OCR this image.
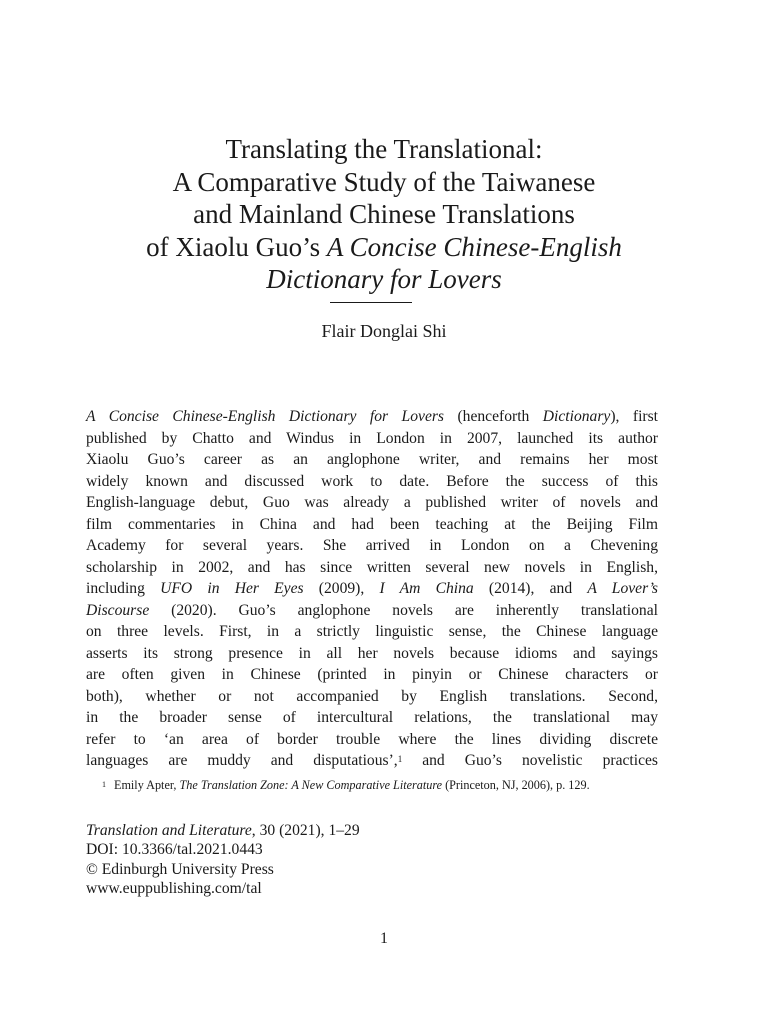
Translating the Translational:
A Comparative Study of the Taiwanese
and Mainland Chinese Translations
of Xiaolu Guo’s A Concise Chinese-English
Dictionary for Lovers
Flair Donglai Shi
A Concise Chinese-English Dictionary for Lovers (henceforth Dictionary), first
published by Chatto and Windus in London in 2007, launched its author
Xiaolu Guo’s career as an anglophone writer, and remains her most
widely known and discussed work to date. Before the success of this
English-language debut, Guo was already a published writer of novels and
film commentaries in China and had been teaching at the Beijing Film
Academy for several years. She arrived in London on a Chevening
scholarship in 2002, and has since written several new novels in English,
including UFO in Her Eyes (2009), I Am China (2014), and A Lover’s
Discourse (2020). Guo’s anglophone novels are inherently translational
on three levels. First, in a strictly linguistic sense, the Chinese language
asserts its strong presence in all her novels because idioms and sayings
are often given in Chinese (printed in pinyin or Chinese characters or
both), whether or not accompanied by English translations. Second,
in the broader sense of intercultural relations, the translational may
refer to ‘an area of border trouble where the lines dividing discrete
languages are muddy and disputatious’,$^1$ and Guo’s novelistic practices
$^1$ Emily Apter, The Translation Zone: A New Comparative Literature (Princeton, NJ, 2006), p. 129.
Translation and Literature, 30 (2021), 1–29
DOI: 10.3366/tal.2021.0443
© Edinburgh University Press
www.euppublishing.com/tal
1
